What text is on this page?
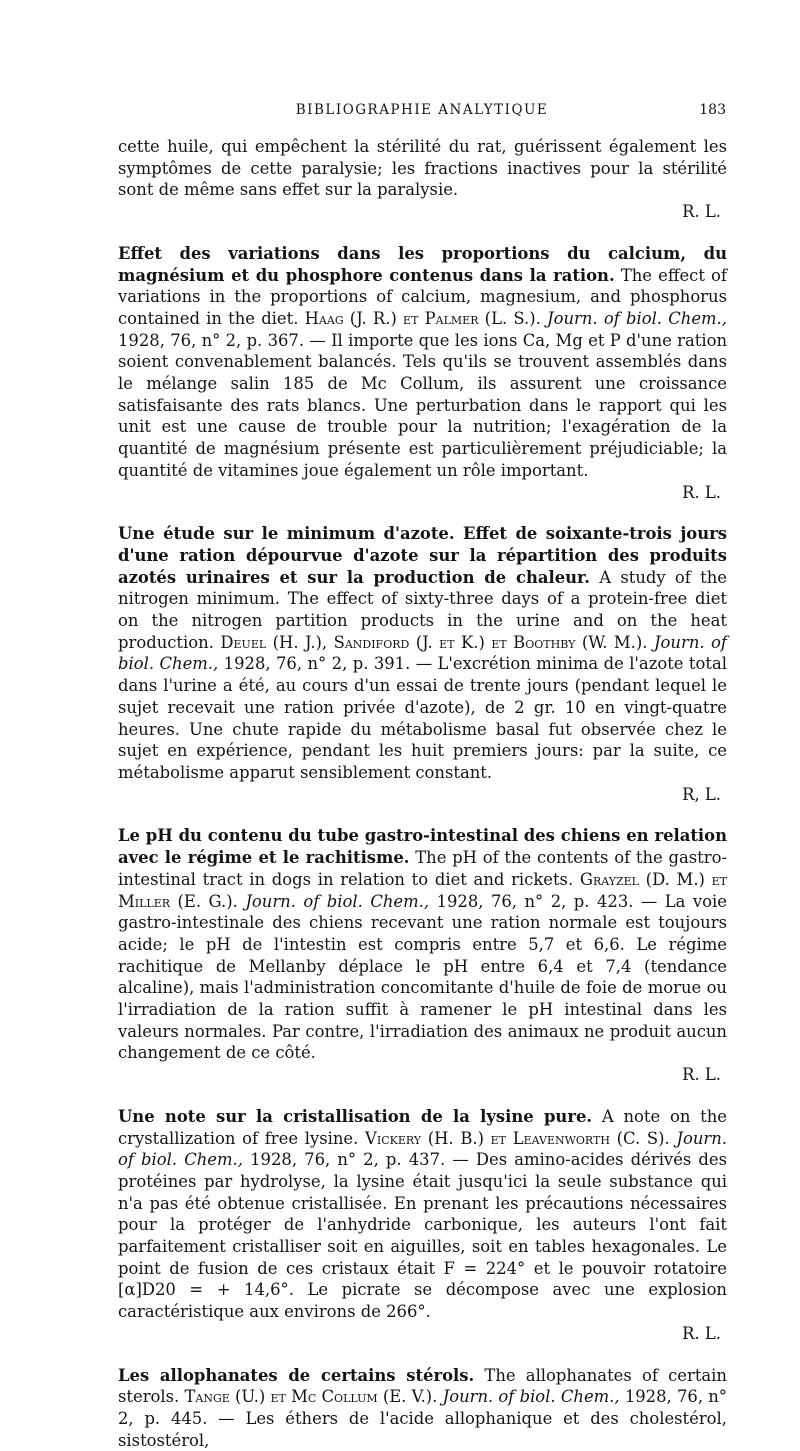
BIBLIOGRAPHIE ANALYTIQUE	183

cette huile, qui empêchent la stérilité du rat, guérissent également les symptômes de cette paralysie; les fractions inactives pour la stérilité sont de même sans effet sur la paralysie.
R. L.

Effet des variations dans les proportions du calcium, du magnésium et du phosphore contenus dans la ration. The effect of variations in the proportions of calcium, magnesium, and phosphorus contained in the diet. Haag (J. R.) et Palmer (L. S.). Journ. of biol. Chem., 1928, 76, n° 2, p. 367. — Il importe que les ions Ca, Mg et P d'une ration soient convenablement balancés. Tels qu'ils se trouvent assemblés dans le mélange salin 185 de Mc Collum, ils assurent une croissance satisfaisante des rats blancs. Une perturbation dans le rapport qui les unit est une cause de trouble pour la nutrition; l'exagération de la quantité de magnésium présente est particulièrement préjudiciable; la quantité de vitamines joue également un rôle important.
R. L.

Une étude sur le minimum d'azote. Effet de soixante-trois jours d'une ration dépourvue d'azote sur la répartition des produits azotés urinaires et sur la production de chaleur. A study of the nitrogen minimum. The effect of sixty-three days of a protein-free diet on the nitrogen partition products in the urine and on the heat production. Deuel (H. J.), Sandiford (J. et K.) et Boothby (W. M.). Journ. of biol. Chem., 1928, 76, n° 2, p. 391. — L'excrétion minima de l'azote total dans l'urine a été, au cours d'un essai de trente jours (pendant lequel le sujet recevait une ration privée d'azote), de 2 gr. 10 en vingt-quatre heures. Une chute rapide du métabolisme basal fut observée chez le sujet en expérience, pendant les huit premiers jours: par la suite, ce métabolisme apparut sensiblement constant.
R, L.

Le pH du contenu du tube gastro-intestinal des chiens en relation avec le régime et le rachitisme. The pH of the contents of the gastro-intestinal tract in dogs in relation to diet and rickets. Grayzel (D. M.) et Miller (E. G.). Journ. of biol. Chem., 1928, 76, n° 2, p. 423. — La voie gastro-intestinale des chiens recevant une ration normale est toujours acide; le pH de l'intestin est compris entre 5,7 et 6,6. Le régime rachitique de Mellanby déplace le pH entre 6,4 et 7,4 (tendance alcaline), mais l'administration concomitante d'huile de foie de morue ou l'irradiation de la ration suffit à ramener le pH intestinal dans les valeurs normales. Par contre, l'irradiation des animaux ne produit aucun changement de ce côté.
R. L.

Une note sur la cristallisation de la lysine pure. A note on the crystallization of free lysine. Vickery (H. B.) et Leavenworth (C. S). Journ. of biol. Chem., 1928, 76, n° 2, p. 437. — Des amino-acides dérivés des protéines par hydrolyse, la lysine était jusqu'ici la seule substance qui n'a pas été obtenue cristallisée. En prenant les précautions nécessaires pour la protéger de l'anhydride carbonique, les auteurs l'ont fait parfaitement cristalliser soit en aiguilles, soit en tables hexagonales. Le point de fusion de ces cristaux était F = 224° et le pouvoir rotatoire [α]D20 = + 14,6°. Le picrate se décompose avec une explosion caractéristique aux environs de 266°.
R. L.

Les allophanates de certains stérols. The allophanates of certain sterols. Tange (U.) et Mc Collum (E. V.). Journ. of biol. Chem., 1928, 76, n° 2, p. 445. — Les éthers de l'acide allophanique et des cholestérol, sistostérol,
